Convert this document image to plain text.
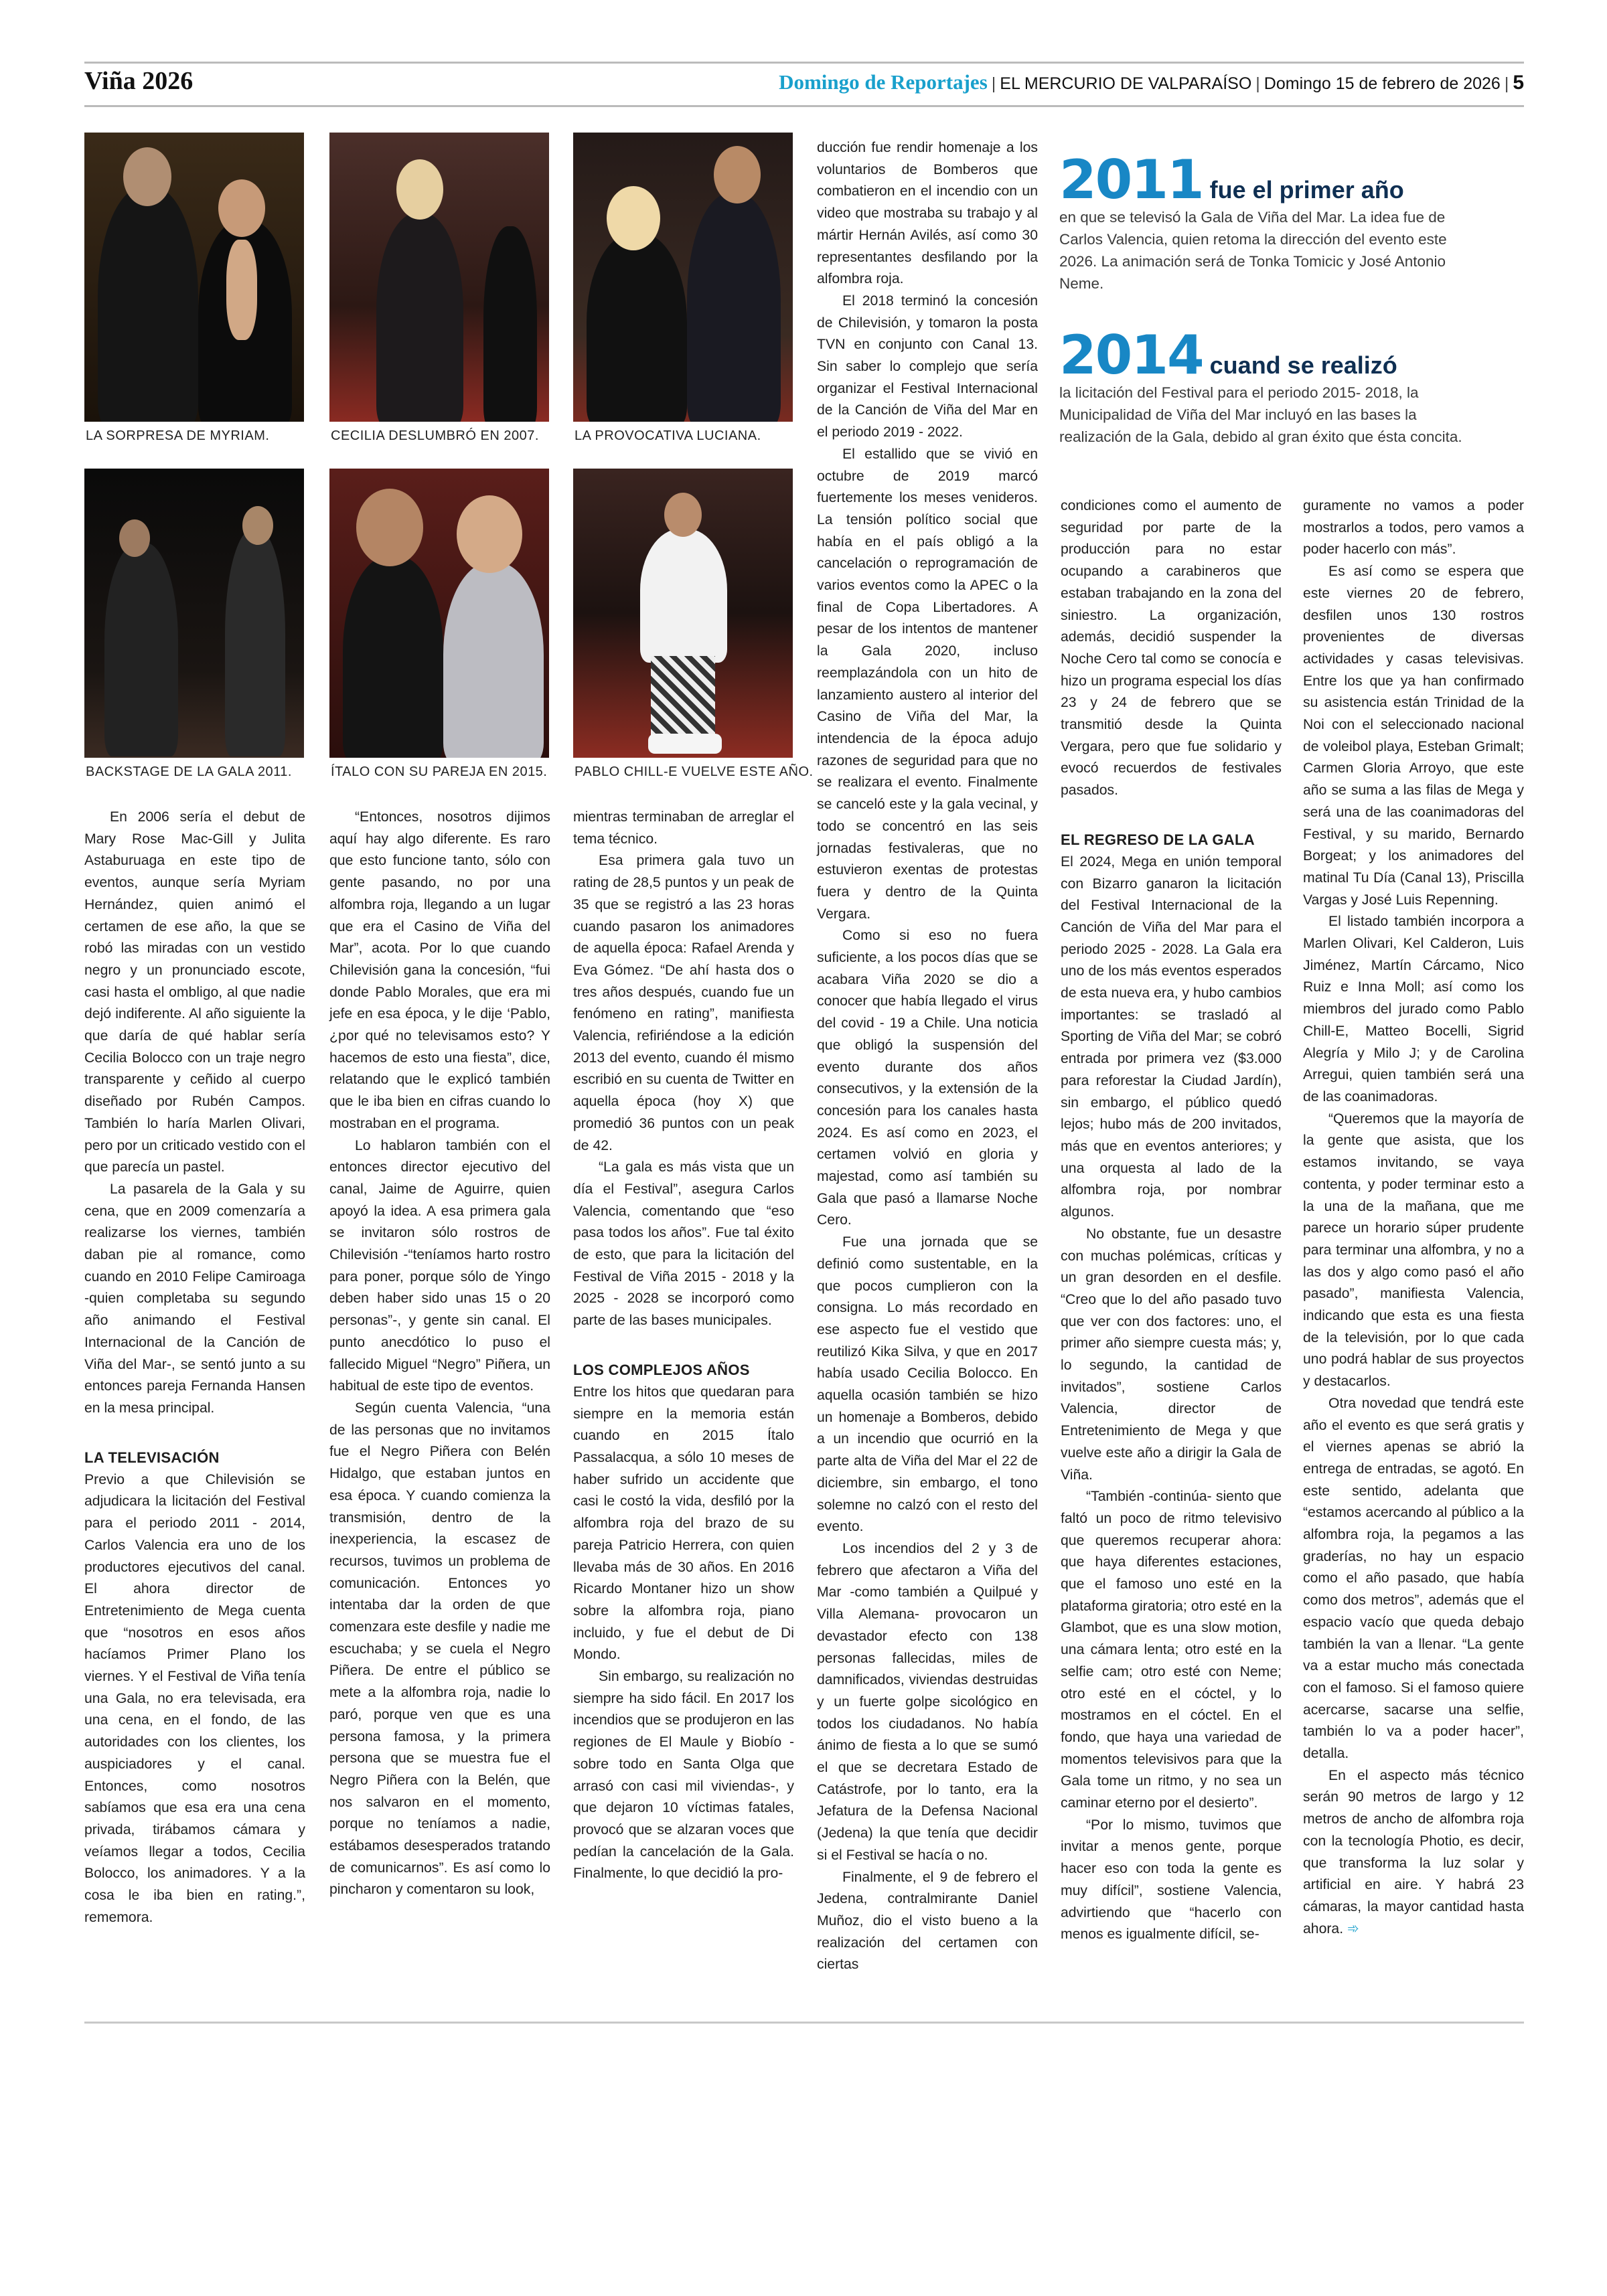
Viña 2026	Domingo de Reportajes | EL MERCURIO DE VALPARAÍSO | Domingo 15 de febrero de 2026 | 5
LA SORPRESA DE MYRIAM.	CECILIA DESLUMBRÓ EN 2007.	LA PROVOCATIVA LUCIANA.
BACKSTAGE DE LA GALA 2011.	ÍTALO CON SU PAREJA EN 2015. PABLO CHILL-E VUELVE ESTE AÑO.
2011 fue el primer año
en que se televisó la Gala de Viña del Mar. La idea fue de Carlos Valencia, quien retoma la dirección del evento este 2026. La animación será de Tonka Tomicic y José Antonio Neme.
2014 cuand se realizó
la licitación del Festival para el periodo 2015- 2018, la Municipalidad de Viña del Mar incluyó en las bases la realización de la Gala, debido al gran éxito que ésta concita.

En 2006 sería el debut de Mary Rose Mac-Gill y Julita Astaburuaga en este tipo de eventos, aunque sería Myriam Hernández, quien animó el certamen de ese año, la que se robó las miradas con un vestido negro y un pronunciado escote, casi hasta el ombligo, al que nadie dejó indiferente. Al año siguiente la que daría de qué hablar sería Cecilia Bolocco con un traje negro transparente y ceñido al cuerpo diseñado por Rubén Campos. También lo haría Marlen Olivari, pero por un criticado vestido con el que parecía un pastel.

La pasarela de la Gala y su cena, que en 2009 comenzaría a realizarse los viernes, también daban pie al romance, como cuando en 2010 Felipe Camiroaga -quien completaba su segundo año animando el Festival Internacional de la Canción de Viña del Mar-, se sentó junto a su entonces pareja Fernanda Hansen en la mesa principal.

LA TELEVISACIÓN

Previo a que Chilevisión se adjudicara la licitación del Festival para el periodo 2011 - 2014, Carlos Valencia era uno de los productores ejecutivos del canal. El ahora director de Entretenimiento de Mega cuenta que “nosotros en esos años hacíamos Primer Plano los viernes. Y el Festival de Viña tenía una Gala, no era televisada, era una cena, en el fondo, de las autoridades con los clientes, los auspiciadores y el canal. Entonces, como nosotros sabíamos que esa era una cena privada, tirábamos cámara y veíamos llegar a todos, Cecilia Bolocco, los animadores. Y a la cosa le iba bien en rating.”, rememora.

“Entonces, nosotros dijimos aquí hay algo diferente. Es raro que esto funcione tanto, sólo con gente pasando, no por una alfombra roja, llegando a un lugar que era el Casino de Viña del Mar”, acota. Por lo que cuando Chilevisión gana la concesión, “fui donde Pablo Morales, que era mi jefe en esa época, y le dije ‘Pablo, ¿por qué no televisamos esto? Y hacemos de esto una fiesta”, dice, relatando que le explicó también que le iba bien en cifras cuando lo mostraban en el programa.

Lo hablaron también con el entonces director ejecutivo del canal, Jaime de Aguirre, quien apoyó la idea. A esa primera gala se invitaron sólo rostros de Chilevisión -“teníamos harto rostro para poner, porque sólo de Yingo deben haber sido unas 15 o 20 personas”-, y gente sin canal. El punto anecdótico lo puso el fallecido Miguel “Negro” Piñera, un habitual de este tipo de eventos.

Según cuenta Valencia, “una de las personas que no invitamos fue el Negro Piñera con Belén Hidalgo, que estaban juntos en esa época. Y cuando comienza la transmisión, dentro de la inexperiencia, la escasez de recursos, tuvimos un problema de comunicación. Entonces yo intentaba dar la orden de que comenzara este desfile y nadie me escuchaba; y se cuela el Negro Piñera. De entre el público se mete a la alfombra roja, nadie lo paró, porque ven que es una persona famosa, y la primera persona que se muestra fue el Negro Piñera con la Belén, que nos salvaron en el momento, porque no teníamos a nadie, estábamos desesperados tratando de comunicarnos”. Es así como lo pincharon y comentaron su look,

mientras terminaban de arreglar el tema técnico.

Esa primera gala tuvo un rating de 28,5 puntos y un peak de 35 que se registró a las 23 horas cuando pasaron los animadores de aquella época: Rafael Arenda y Eva Gómez. “De ahí hasta dos o tres años después, cuando fue un fenómeno en rating”, manifiesta Valencia, refiriéndose a la edición 2013 del evento, cuando él mismo escribió en su cuenta de Twitter en aquella época (hoy X) que promedió 36 puntos con un peak de 42.

“La gala es más vista que un día el Festival”, asegura Carlos Valencia, comentando que “eso pasa todos los años”. Fue tal éxito de esto, que para la licitación del Festival de Viña 2015 - 2018 y la 2025 - 2028 se incorporó como parte de las bases municipales.

LOS COMPLEJOS AÑOS

Entre los hitos que quedaran para siempre en la memoria están cuando en 2015 Ítalo Passalacqua, a sólo 10 meses de haber sufrido un accidente que casi le costó la vida, desfiló por la alfombra roja del brazo de su pareja Patricio Herrera, con quien llevaba más de 30 años. En 2016 Ricardo Montaner hizo un show sobre la alfombra roja, piano incluido, y fue el debut de Di Mondo.

Sin embargo, su realización no siempre ha sido fácil. En 2017 los incendios que se produjeron en las regiones de El Maule y Biobío -sobre todo en Santa Olga que arrasó con casi mil viviendas-, y que dejaron 10 víctimas fatales, provocó que se alzaran voces que pedían la cancelación de la Gala. Finalmente, lo que decidió la pro-

ducción fue rendir homenaje a los voluntarios de Bomberos que combatieron en el incendio con un video que mostraba su trabajo y al mártir Hernán Avilés, así como 30 representantes desfilando por la alfombra roja.

El 2018 terminó la concesión de Chilevisión, y tomaron la posta TVN en conjunto con Canal 13. Sin saber lo complejo que sería organizar el Festival Internacional de la Canción de Viña del Mar en el periodo 2019 - 2022.

El estallido que se vivió en octubre de 2019 marcó fuertemente los meses venideros. La tensión político social que había en el país obligó a la cancelación o reprogramación de varios eventos como la APEC o la final de Copa Libertadores. A pesar de los intentos de mantener la Gala 2020, incluso reemplazándola con un hito de lanzamiento austero al interior del Casino de Viña del Mar, la intendencia de la época adujo razones de seguridad para que no se realizara el evento. Finalmente se canceló este y la gala vecinal, y todo se concentró en las seis jornadas festivaleras, que no estuvieron exentas de protestas fuera y dentro de la Quinta Vergara.

Como si eso no fuera suficiente, a los pocos días que se acabara Viña 2020 se dio a conocer que había llegado el virus del covid - 19 a Chile. Una noticia que obligó la suspensión del evento durante dos años consecutivos, y la extensión de la concesión para los canales hasta 2024. Es así como en 2023, el certamen volvió en gloria y majestad, como así también su Gala que pasó a llamarse Noche Cero.

Fue una jornada que se definió como sustentable, en la que pocos cumplieron con la consigna. Lo más recordado en ese aspecto fue el vestido que reutilizó Kika Silva, y que en 2017 había usado Cecilia Bolocco. En aquella ocasión también se hizo un homenaje a Bomberos, debido a un incendio que ocurrió en la parte alta de Viña del Mar el 22 de diciembre, sin embargo, el tono solemne no calzó con el resto del evento.

Los incendios del 2 y 3 de febrero que afectaron a Viña del Mar -como también a Quilpué y Villa Alemana- provocaron un devastador efecto con 138 personas fallecidas, miles de damnificados, viviendas destruidas y un fuerte golpe sicológico en todos los ciudadanos. No había ánimo de fiesta a lo que se sumó el que se decretara Estado de Catástrofe, por lo tanto, era la Jefatura de la Defensa Nacional (Jedena) la que tenía que decidir si el Festival se hacía o no.

Finalmente, el 9 de febrero el Jedena, contralmirante Daniel Muñoz, dio el visto bueno a la realización del certamen con ciertas

condiciones como el aumento de seguridad por parte de la producción para no estar ocupando a carabineros que estaban trabajando en la zona del siniestro. La organización, además, decidió suspender la Noche Cero tal como se conocía e hizo un programa especial los días 23 y 24 de febrero que se transmitió desde la Quinta Vergara, pero que fue solidario y evocó recuerdos de festivales pasados.

EL REGRESO DE LA GALA

El 2024, Mega en unión temporal con Bizarro ganaron la licitación del Festival Internacional de la Canción de Viña del Mar para el periodo 2025 - 2028. La Gala era uno de los más eventos esperados de esta nueva era, y hubo cambios importantes: se trasladó al Sporting de Viña del Mar; se cobró entrada por primera vez ($3.000 para reforestar la Ciudad Jardín), sin embargo, el público quedó lejos; hubo más de 200 invitados, más que en eventos anteriores; y una orquesta al lado de la alfombra roja, por nombrar algunos.

No obstante, fue un desastre con muchas polémicas, críticas y un gran desorden en el desfile. “Creo que lo del año pasado tuvo que ver con dos factores: uno, el primer año siempre cuesta más; y, lo segundo, la cantidad de invitados”, sostiene Carlos Valencia, director de Entretenimiento de Mega y que vuelve este año a dirigir la Gala de Viña.

“También -continúa- siento que faltó un poco de ritmo televisivo que queremos recuperar ahora: que haya diferentes estaciones, que el famoso uno esté en la plataforma giratoria; otro esté en la Glambot, que es una slow motion, una cámara lenta; otro esté en la selfie cam; otro esté con Neme; otro esté en el cóctel, y lo mostramos en el cóctel. En el fondo, que haya una variedad de momentos televisivos para que la Gala tome un ritmo, y no sea un caminar eterno por el desierto”.

“Por lo mismo, tuvimos que invitar a menos gente, porque hacer eso con toda la gente es muy difícil”, sostiene Valencia, advirtiendo que “hacerlo con menos es igualmente difícil, se-

guramente no vamos a poder mostrarlos a todos, pero vamos a poder hacerlo con más”.

Es así como se espera que este viernes 20 de febrero, desfilen unos 130 rostros provenientes de diversas actividades y casas televisivas. Entre los que ya han confirmado su asistencia están Trinidad de la Noi con el seleccionado nacional de voleibol playa, Esteban Grimalt; Carmen Gloria Arroyo, que este año se suma a las filas de Mega y será una de las coanimadoras del Festival, y su marido, Bernardo Borgeat; y los animadores del matinal Tu Día (Canal 13), Priscilla Vargas y José Luis Repenning.

El listado también incorpora a Marlen Olivari, Kel Calderon, Luis Jiménez, Martín Cárcamo, Nico Ruiz e Inna Moll; así como los miembros del jurado como Pablo Chill-E, Matteo Bocelli, Sigrid Alegría y Milo J; y de Carolina Arregui, quien también será una de las coanimadoras.

“Queremos que la mayoría de la gente que asista, que los estamos invitando, se vaya contenta, y poder terminar esto a la una de la mañana, que me parece un horario súper prudente para terminar una alfombra, y no a las dos y algo como pasó el año pasado”, manifiesta Valencia, indicando que esta es una fiesta de la televisión, por lo que cada uno podrá hablar de sus proyectos y destacarlos.

Otra novedad que tendrá este año el evento es que será gratis y el viernes apenas se abrió la entrega de entradas, se agotó. En este sentido, adelanta que “estamos acercando al público a la alfombra roja, la pegamos a las graderías, no hay un espacio como el año pasado, que había como dos metros”, además que el espacio vacío que queda debajo también la van a llenar. “La gente va a estar mucho más conectada con el famoso. Si el famoso quiere acercarse, sacarse una selfie, también lo va a poder hacer”, detalla.

En el aspecto más técnico serán 90 metros de largo y 12 metros de ancho de alfombra roja con la tecnología Photio, es decir, que transforma la luz solar y artificial en aire. Y habrá 23 cámaras, la mayor cantidad hasta ahora. ➾
